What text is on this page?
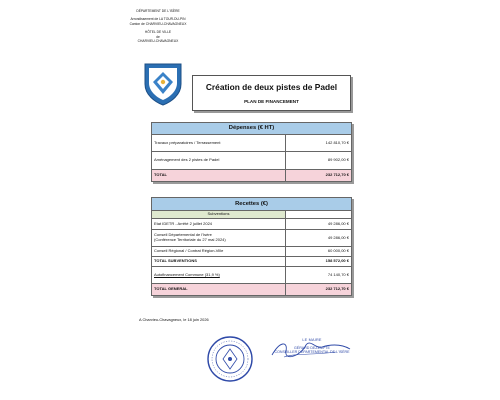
DÉPARTEMENT DE L'ISÈRE
Arrondissement de LA TOUR-DU-PIN
Canton de CHARVIEU-CHAVAGNEUX
HÔTEL DE VILLE
de
CHARVIEU-CHAVAGNEUX
Création de deux pistes de Padel
PLAN DE FINANCEMENT
Dépenses (€ HT)	
Travaux préparatoires / Terrassement	142 810,70 €
Aménagement des 2 pistes de Padel	89 902,00 €
TOTAL	232 712,70 €
Recettes (€)	
Subventions	
Etat IDETR - Arrêté 2 juillet 2024	49 286,00 €

Conseil Départemental de l'Isère
(Conférence Territoriale du 27 mai 2024)	49 286,00 €
Conseil Régional / Contrat Région-Ville	60 000,00 €
TOTAL SUBVENTIONS	158 572,00 €
Autofinancement Commune (31,9 %)	74 140,70 €
TOTAL GENERAL	232 712,70 €
A Charvieu-Chavagneux, le 18 juin 2026
LE MAIRE
GÉRARD DEZEMPTE
CONSEILLER DÉPARTEMENTAL DE L'ISÈRE
